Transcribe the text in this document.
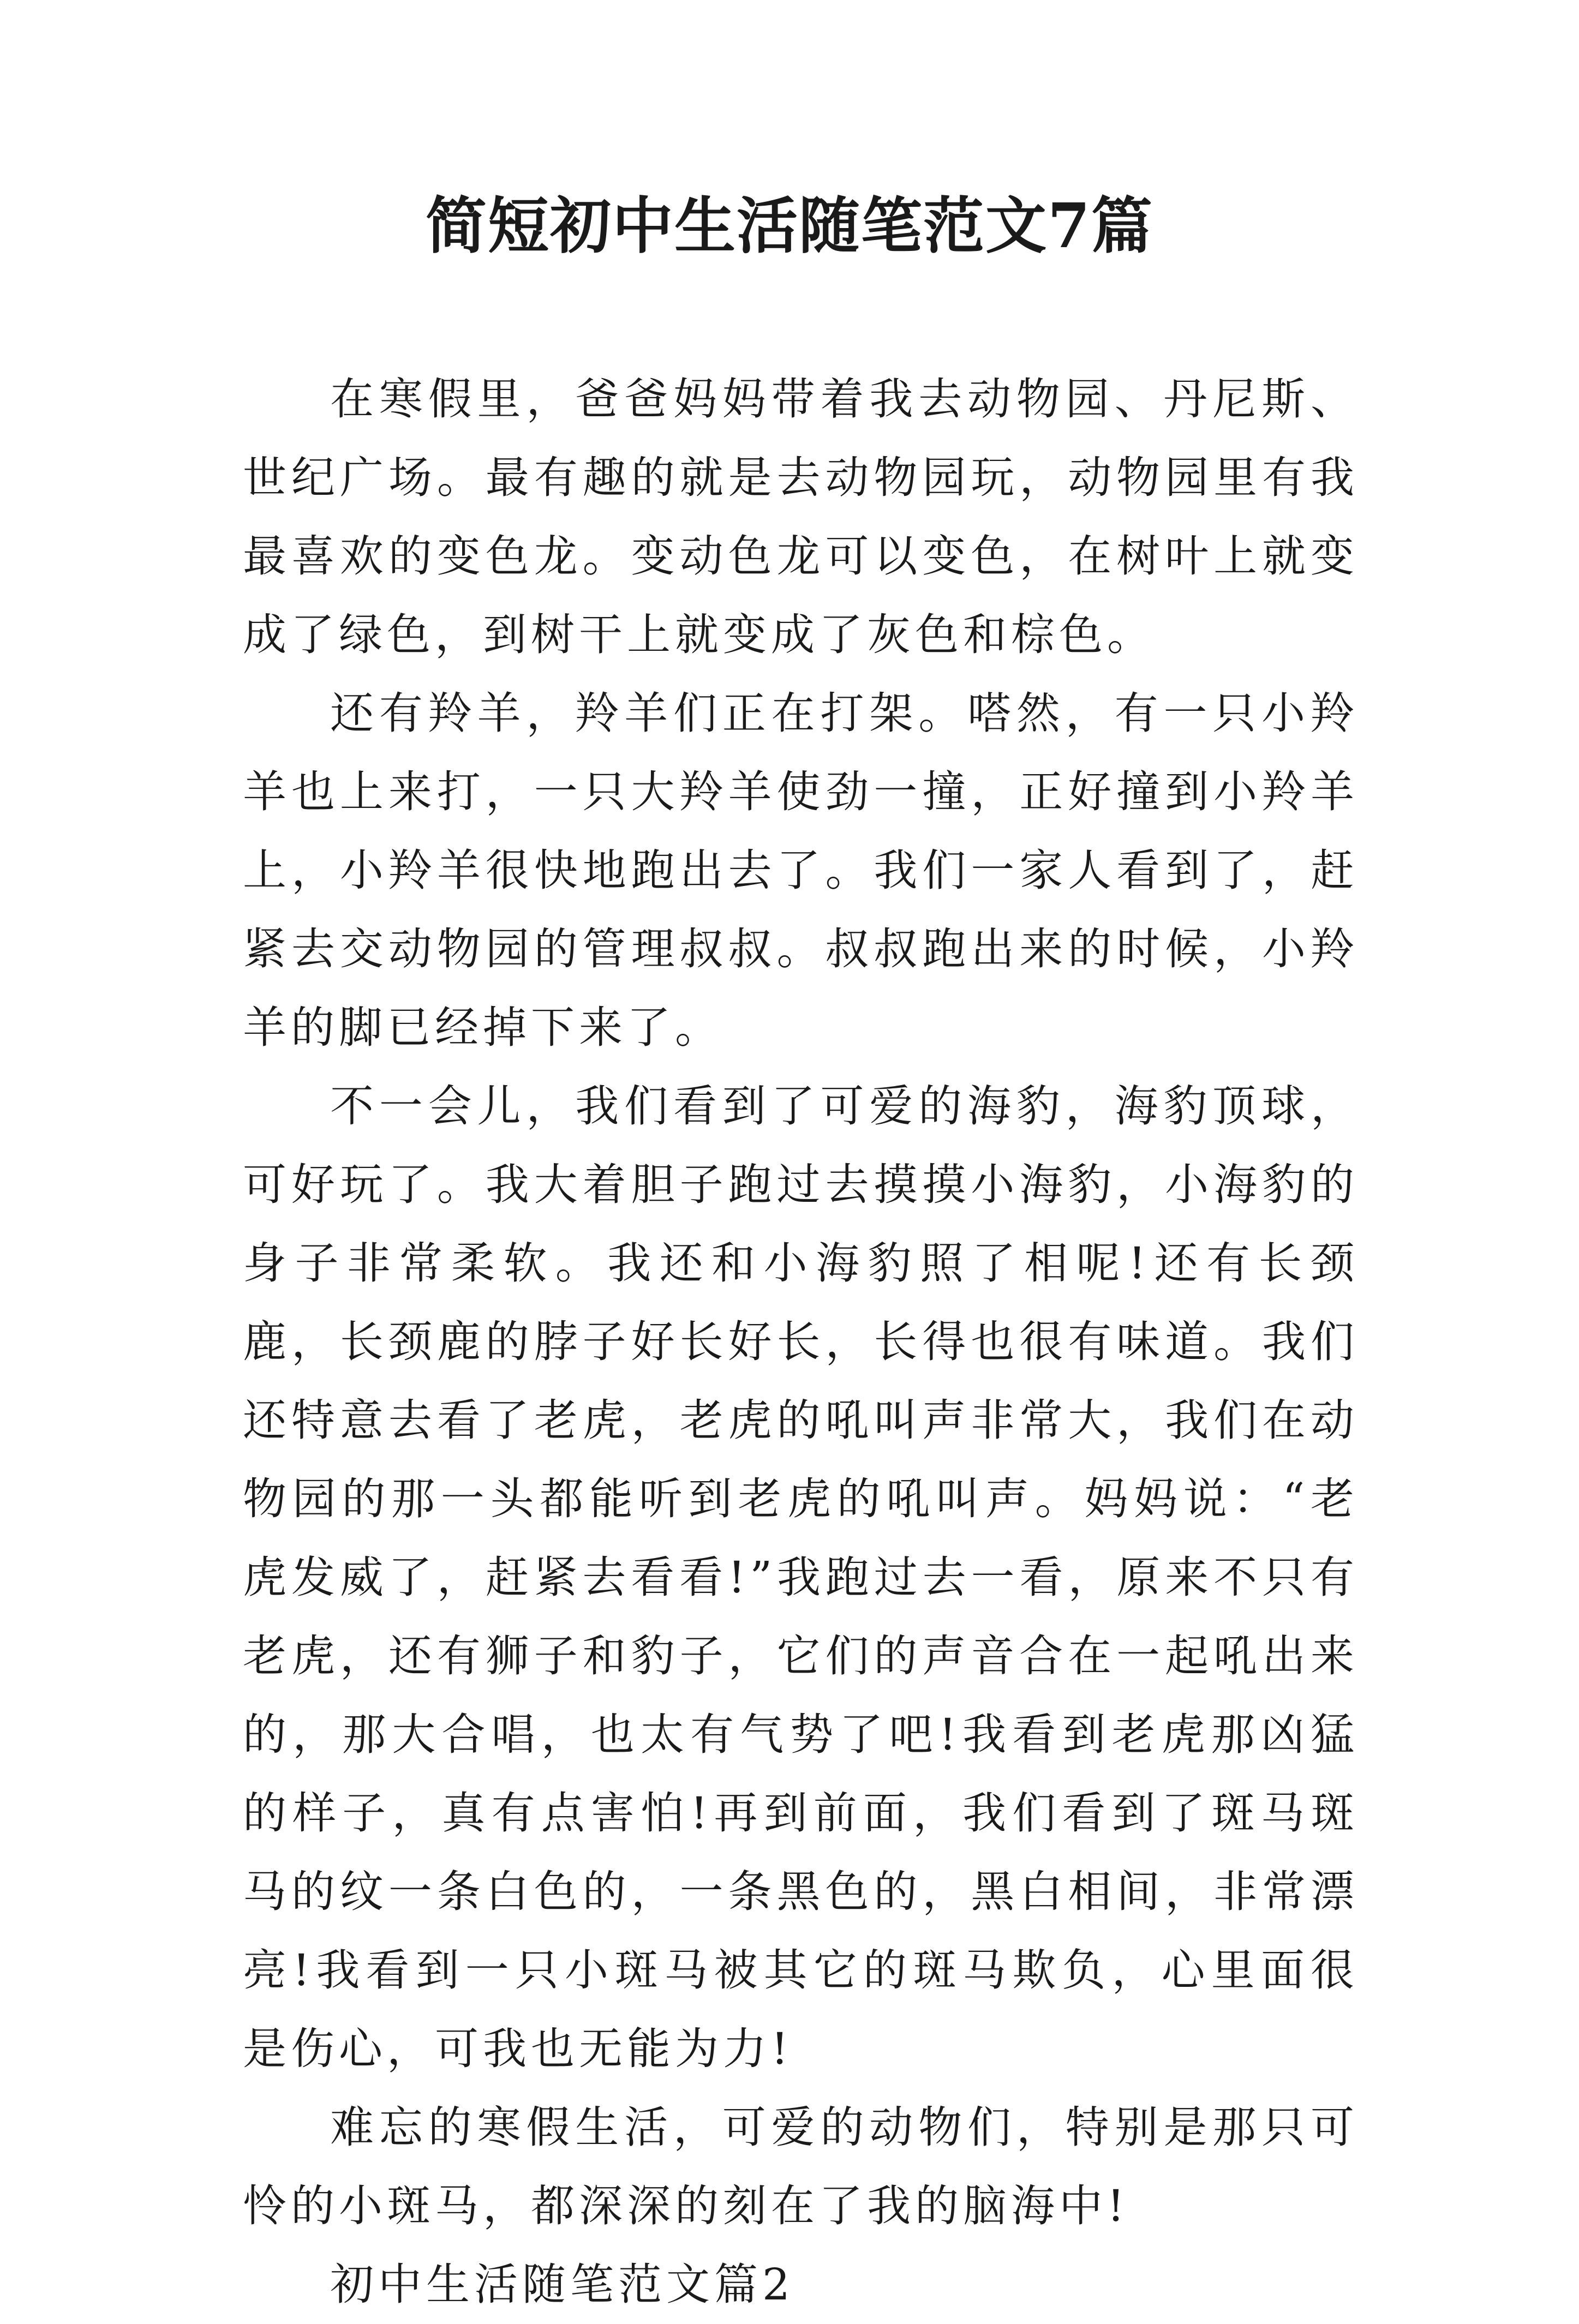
简短初中生活随笔范文7篇

在寒假里，爸爸妈妈带着我去动物园、丹尼斯、世纪广场。最有趣的就是去动物园玩，动物园里有我最喜欢的变色龙。变动色龙可以变色，在树叶上就变成了绿色，到树干上就变成了灰色和棕色。

还有羚羊，羚羊们正在打架。嗒然，有一只小羚羊也上来打，一只大羚羊使劲一撞，正好撞到小羚羊上，小羚羊很快地跑出去了。我们一家人看到了，赶紧去交动物园的管理叔叔。叔叔跑出来的时候，小羚羊的脚已经掉下来了。

不一会儿，我们看到了可爱的海豹，海豹顶球，可好玩了。我大着胆子跑过去摸摸小海豹，小海豹的身子非常柔软。我还和小海豹照了相呢!还有长颈鹿，长颈鹿的脖子好长好长，长得也很有味道。我们还特意去看了老虎，老虎的吼叫声非常大，我们在动物园的那一头都能听到老虎的吼叫声。妈妈说：“老虎发威了，赶紧去看看!”我跑过去一看，原来不只有老虎，还有狮子和豹子，它们的声音合在一起吼出来的，那大合唱，也太有气势了吧!我看到老虎那凶猛的样子，真有点害怕!再到前面，我们看到了斑马斑马的纹一条白色的，一条黑色的，黑白相间，非常漂亮!我看到一只小斑马被其它的斑马欺负，心里面很是伤心，可我也无能为力!

难忘的寒假生活，可爱的动物们，特别是那只可怜的小斑马，都深深的刻在了我的脑海中!

初中生活随笔范文篇2
